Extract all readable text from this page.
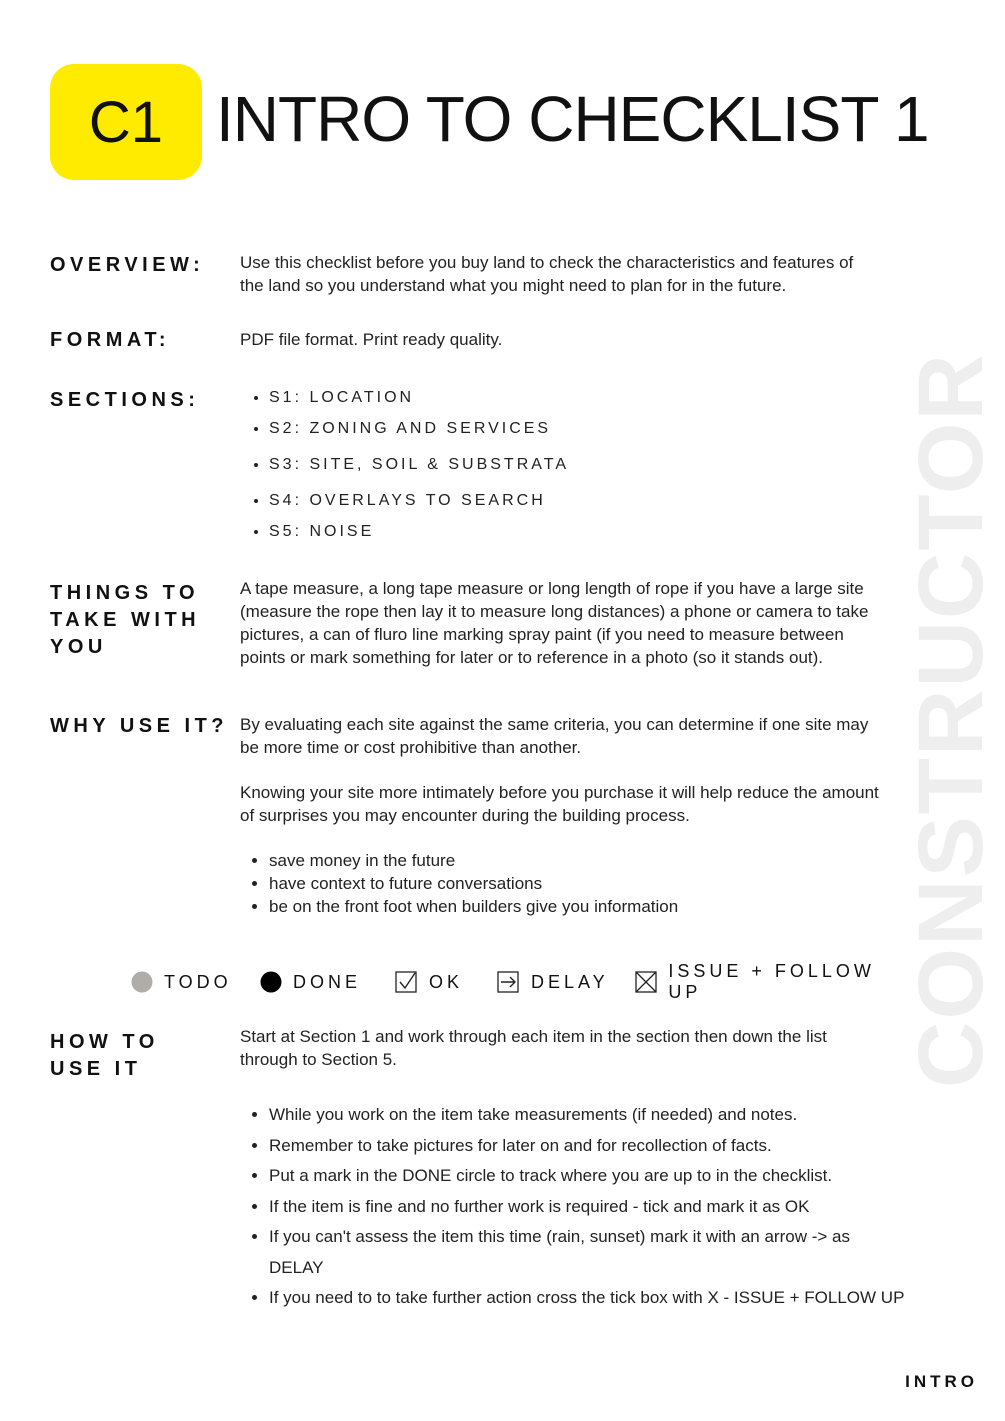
C1 INTRO TO CHECKLIST 1
CONSTRUCTOR
OVERVIEW: Use this checklist before you buy land to check the characteristics and features of the land so you understand what you might need to plan for in the future.
FORMAT:	PDF file format. Print ready quality.
SECTIONS:
•	S1: LOCATION
• S2: ZONING AND SERVICES
• S3: SITE, SOIL & SUBSTRATA
• S4: OVERLAYS TO SEARCH
• S5: NOISE
THINGS TO
TAKE WITH
YOU
A tape measure, a long tape measure or long length of rope if you have a large site (measure the rope then lay it to measure long distances) a phone or camera to take pictures, a can of fluro line marking spray paint (if you need to measure between points or mark something for later or to reference in a photo (so it stands out).
WHY USE IT? By evaluating each site against the same criteria, you can determine if one site may be more time or cost prohibitive than another.
Knowing your site more intimately before you purchase it will help reduce the amount of surprises you may encounter during the building process.
• save money in the future
• have context to future conversations
• be on the front foot when builders give you information
TODO	DONE	OK	DELAY
ISSUE + FOLLOW UP
HOW TO
USE IT
Start at Section 1 and work through each item in the section then down the list through to Section 5.
• While you work on the item take measurements (if needed) and notes.
• Remember to take pictures for later on and for recollection of facts.
• Put a mark in the DONE circle to track where you are up to in the checklist.
• If the item is fine and no further work is required - tick and mark it as OK
• If you can't assess the item this time (rain, sunset) mark it with an arrow -> as DELAY
• If you need to to take further action cross the tick box with X - ISSUE + FOLLOW UP
INTRO
